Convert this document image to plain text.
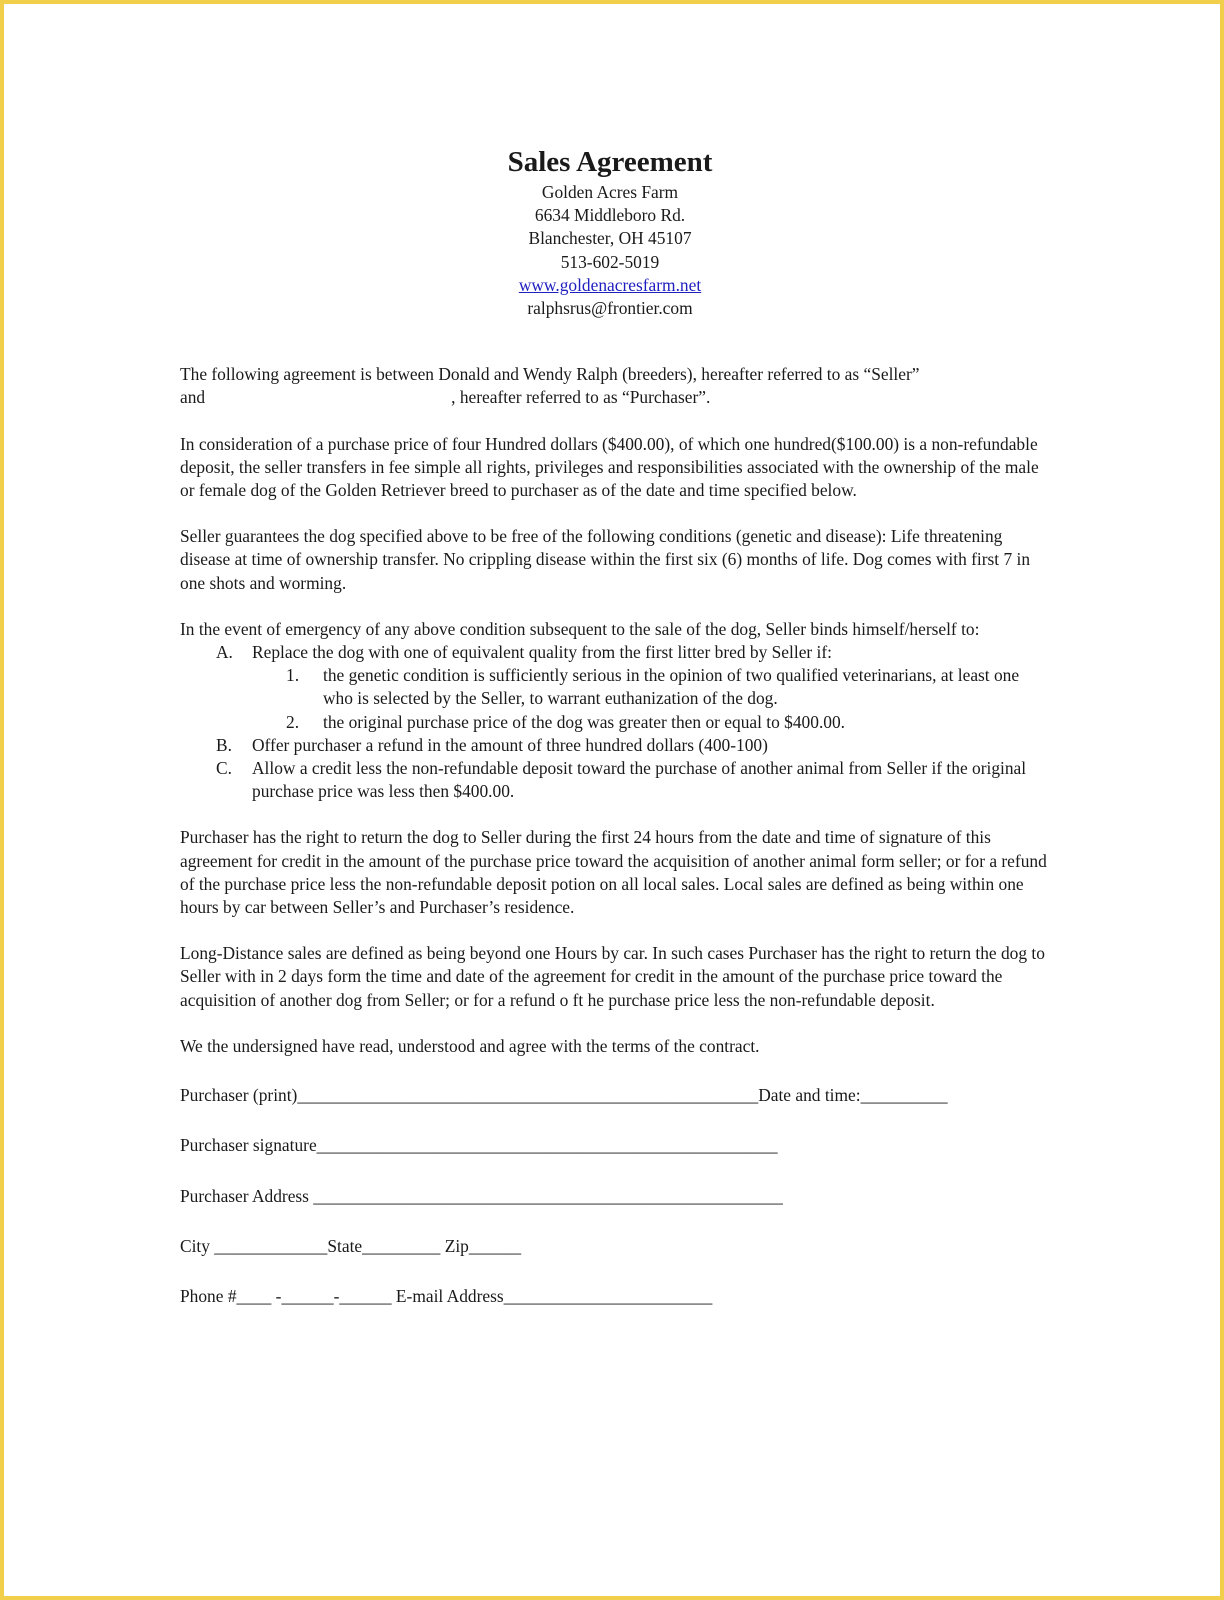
Sales Agreement
Golden Acres Farm
6634 Middleboro Rd.
Blanchester, OH 45107
513-602-5019
www.goldenacresfarm.net
ralphsrus@frontier.com

The following agreement is between Donald and Wendy Ralph (breeders), hereafter referred to as “Seller”

and	, hereafter referred to as “Purchaser”.

In consideration of a purchase price of four Hundred dollars ($400.00), of which one hundred($100.00) is a non-refundable deposit, the seller transfers in fee simple all rights, privileges and responsibilities associated with the ownership of the male or female dog of the Golden Retriever breed to purchaser as of the date and time specified below.

Seller guarantees the dog specified above to be free of the following conditions (genetic and disease): Life threatening disease at time of ownership transfer. No crippling disease within the first six (6) months of life. Dog comes with first 7 in one shots and worming.

In the event of emergency of any above condition subsequent to the sale of the dog, Seller binds himself/herself to:

A. Replace the dog with one of equivalent quality from the first litter bred by Seller if:
1. the genetic condition is sufficiently serious in the opinion of two qualified veterinarians, at least one who is selected by the Seller, to warrant euthanization of the dog.
2. the original purchase price of the dog was greater then or equal to $400.00.
B. Offer purchaser a refund in the amount of three hundred dollars (400-100)
C. Allow a credit less the non-refundable deposit toward the purchase of another animal from Seller if the original purchase price was less then $400.00.

Purchaser has the right to return the dog to Seller during the first 24 hours from the date and time of signature of this agreement for credit in the amount of the purchase price toward the acquisition of another animal form seller; or for a refund of the purchase price less the non-refundable deposit potion on all local sales. Local sales are defined as being within one hours by car between Seller’s and Purchaser’s residence.

Long-Distance sales are defined as being beyond one Hours by car. In such cases Purchaser has the right to return the dog to Seller with in 2 days form the time and date of the agreement for credit in the amount of the purchase price toward the acquisition of another dog from Seller; or for a refund o ft he purchase price less the non-refundable deposit.

We the undersigned have read, understood and agree with the terms of the contract.

Purchaser (print)_____________________________________________________Date and time:__________
Purchaser signature_____________________________________________________
Purchaser Address ______________________________________________________
City _____________State_________ Zip______
Phone #____ -______-______ E-mail Address________________________
